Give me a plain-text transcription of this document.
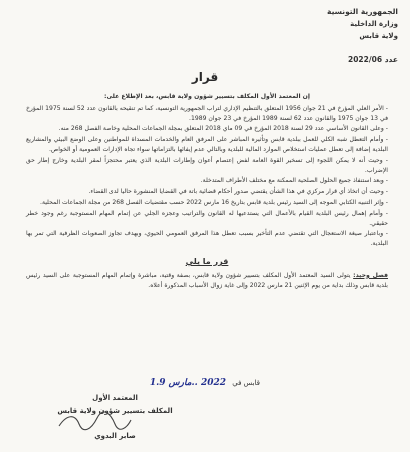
الجمهورية التونسية
وزارة الداخلية
ولاية قابس
عدد 2022/06
قرار

إن المعتمد الأول المكلف بتسيير شؤون ولاية قابس، بعد الإطلاع على:

- الأمر العلي المؤرخ في 21 جوان 1956 المتعلق بالتنظيم الإداري لتراب الجمهورية التونسية، كما تم تنقيحه بالقانون عدد 52 لسنة 1975 المؤرخ في 13 جوان 1975 والقانون عدد 62 لسنة 1989 المؤرخ في 23 جوان 1989.

- وعلى القانون الأساسي عدد 29 لسنة 2018 المؤرخ في 09 ماي 2018 المتعلق بمجلة الجماعات المحلية وخاصة الفصل 268 منه.

- وأمام التعطل شبه الكلي للعمل ببلدية قابس وتأثيره المباشر على المرفق العام والخدمات المسداة للمواطنين وعلى الوضع البيئي والمشاريع البلدية إضافة إلى تعطل عمليات استخلاص الموارد المالية للبلدية وبالتالي عدم إيفائها بالتزاماتها سواء تجاه الإدارات العمومية أو الخواص.

- وحيث أنه لا يمكن اللجوء إلى تسخير القوة العامة لفض إعتصام أعوان وإطارات البلدية الذي يعتبر محتجزاً لمقر البلدية وخارج إطار حق الإضراب.

- وبعد استنفاذ جميع الحلول الصلحية الممكنة مع مختلف الأطراف المتدخلة.

- وحيث أن اتخاذ أي قرار مركزي في هذا الشأن يقتضي صدور أحكام قضائية باتة في القضايا المنشورة حاليا لدى القضاء.

- وإثر التنبيه الكتابي الموجه إلى السيد رئيس بلدية قابس بتاريخ 16 مارس 2022 حسب مقتضيات الفصل 268 من مجلة الجماعات المحلية.

- وأمام إهمال رئيس البلدية القيام بالأعمال التي يستدعيها له القانون والتراتيب وعجزه الجلي عن إتمام المهام المستوجبة رغم وجود خطر حقيقي.

- وباعتبار صيغة الاستعجال التي تقتضي عدم التأخير بسبب تعطل هذا المرفق العمومي الحيوي، وبهدف تجاوز الصعوبات الظرفية التي تمر بها البلدية.

قرر ما يلي

فصل وحيد: يتولى السيد المعتمد الأول المكلف بتسيير شؤون ولاية قابس، بصفة وقتية، مباشرة وإتمام المهام المستوجبة على السيد رئيس بلدية قابس وذلك بداية من يوم الإثنين 21 مارس 2022 وإلى غاية زوال الأسباب المذكورة أعلاه.

قابس في 2022 ..مارس 1.9
المعتمد الأول
المكلف بتسيير شؤون ولاية قابس
صابر البدوي
